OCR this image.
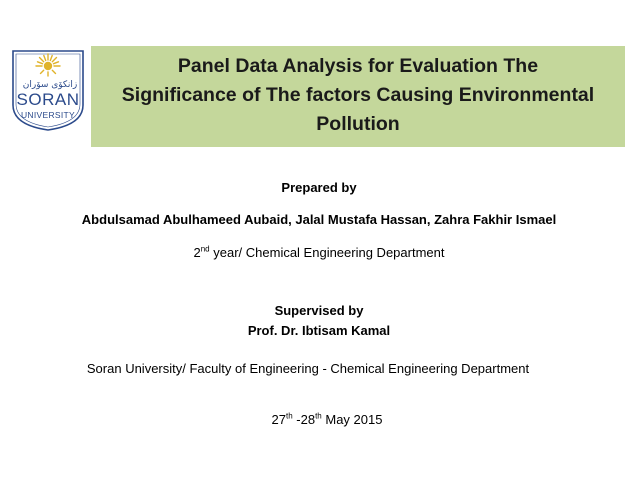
Panel Data Analysis for Evaluation The
Significance of The factors Causing Environmental
Pollution
زانكۆی سۆران
SORAN
UNIVERSITY
Prepared by
Abdulsamad Abulhameed Aubaid, Jalal Mustafa Hassan, Zahra Fakhir Ismael
2nd year/ Chemical Engineering Department
Supervised by
Prof. Dr. Ibtisam Kamal
Soran University/ Faculty of Engineering - Chemical Engineering Department
27th -28th May 2015
